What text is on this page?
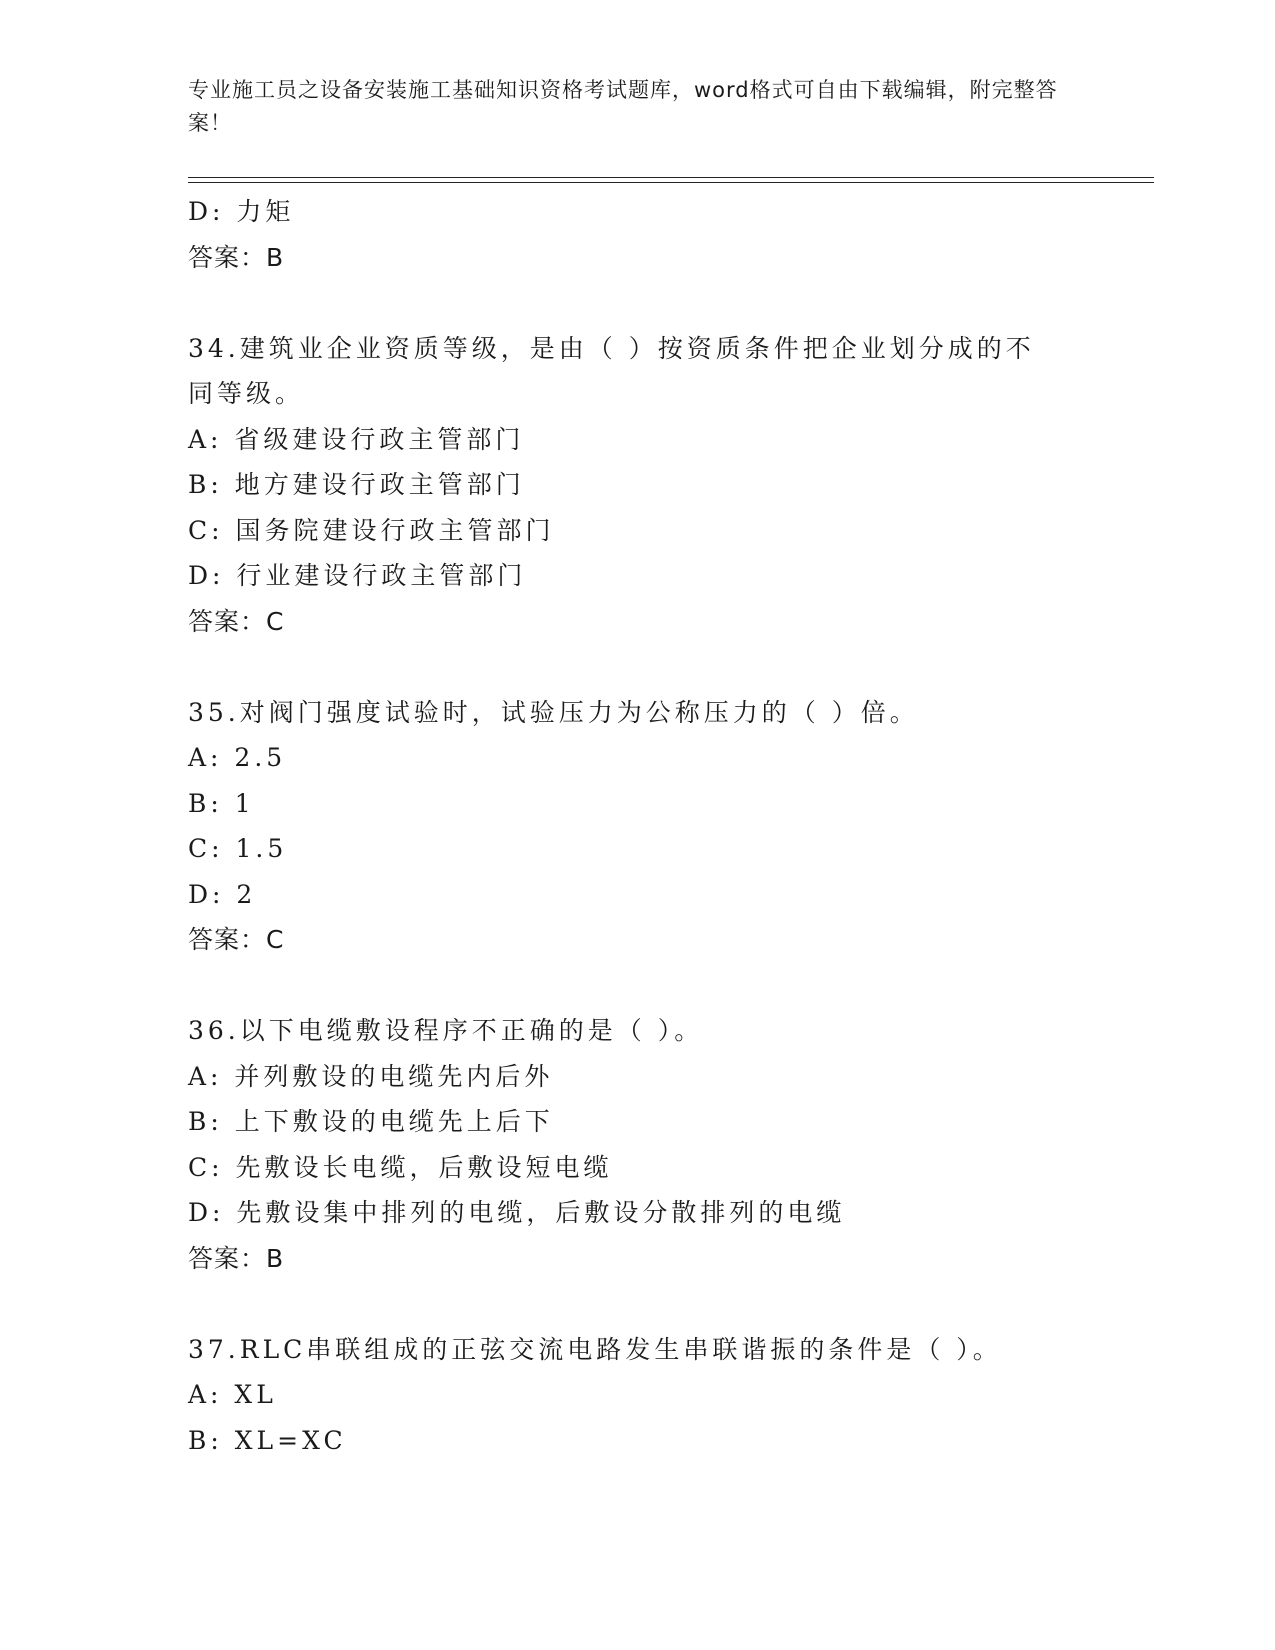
专业施工员之设备安装施工基础知识资格考试题库，word格式可自由下载编辑，附完整答案！
D: 力矩
答案：B
34.建筑业企业资质等级，是由（ ）按资质条件把企业划分成的不同等级。
A: 省级建设行政主管部门
B: 地方建设行政主管部门
C: 国务院建设行政主管部门
D: 行业建设行政主管部门
答案：C
35.对阀门强度试验时，试验压力为公称压力的（ ）倍。
A: 2.5
B: 1
C: 1.5
D: 2
答案：C
36.以下电缆敷设程序不正确的是（ ）。
A: 并列敷设的电缆先内后外
B: 上下敷设的电缆先上后下
C: 先敷设长电缆，后敷设短电缆
D: 先敷设集中排列的电缆，后敷设分散排列的电缆
答案：B
37.RLC串联组成的正弦交流电路发生串联谐振的条件是（ ）。
A: XL
B: XL=XC
